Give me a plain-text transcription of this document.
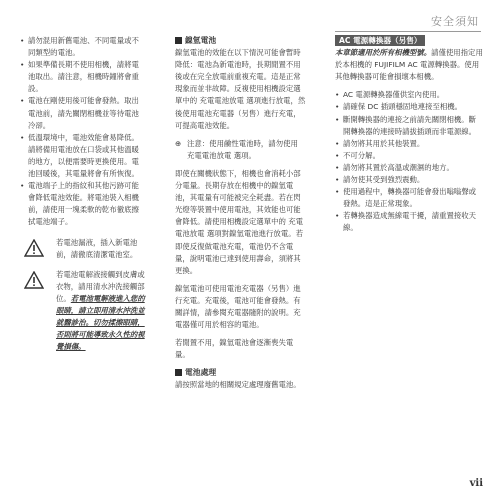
安全須知
• 請勿混用新舊電池、不同電量或不同類型的電池。
• 如果準備長期不使用相機，請將電池取出。請注意，相機時鐘將會重設。
• 電池在剛使用後可能會發熱。取出電池前，請先關閉相機並等待電池冷卻。
• 低溫環境中，電池效能會易降低。請將備用電池放在口袋或其他溫暖的地方，以便需要時更換使用。電池回暖後，其電量將會有所恢復。
• 電池端子上的指紋和其他污跡可能會降低電池效能。將電池裝入相機前，請使用一塊柔軟的乾布徹底擦拭電池端子。
若電池漏液，插入新電池前，請徹底清潔電池室。
若電池電解液接觸到皮膚或衣物，請用清水沖洗接觸部位。若電池電解液進入您的眼睛，請立即用清水沖洗並就醫診治。切勿揉擦眼睛，否則將可能導致永久性的視覺損傷。
鎳氫電池

鎳氫電池的效能在以下情況可能會暫時降低：電池為新電池時，長期閒置不用後或在完全放電前重複充電。這是正常現象而並非故障。反複使用相機設定選單中的 充電電池放電 選項進行放電，然後使用電池充電器（另售）進行充電，可提高電池效能。

⊕ 注意：使用鹼性電池時，請勿使用 充電電池放電 選項。

即使在關機狀態下，相機也會消耗小部分電量。長期存放在相機中的鎳氫電池，其電量有可能被完全耗盡。若在閃光燈等裝置中使用電池，其效能也可能會降低。請使用相機設定選單中的 充電電池放電 選項對鎳氫電池進行放電。若即使反復做電池充電，電池仍不含電量，說明電池已達到使用壽命，須將其更換。

鎳氫電池可使用電池充電器（另售）進行充電。充電後，電池可能會發熱。有關詳情，請參閱充電器隨附的說明。充電器僅可用於相容的電池。

若閒置不用，鎳氫電池會逐漸喪失電量。

電池處理

請按照當地的相關規定處理廢舊電池。

AC 電源轉換器（另售）

本章節適用於所有相機型號。請僅使用指定用於本相機的 FUJIFILM AC 電源轉換器。使用其他轉換器可能會損壞本相機。

• AC 電源轉換器僅供室內使用。
• 請確保 DC 插頭穩固地連接至相機。
• 斷開轉換器的連接之前請先關閉相機。斷開轉換器的連接時請拔插頭而非電源線。
• 請勿將其用於其他裝置。
• 不可分解。
• 請勿將其置於高溫或潮濕的地方。
• 請勿使其受到強烈震動。
• 使用過程中，轉換器可能會發出嗡嗡聲或發熱。這是正常現象。
• 若轉換器造成無線電干擾，請重置接收天線。
vii
